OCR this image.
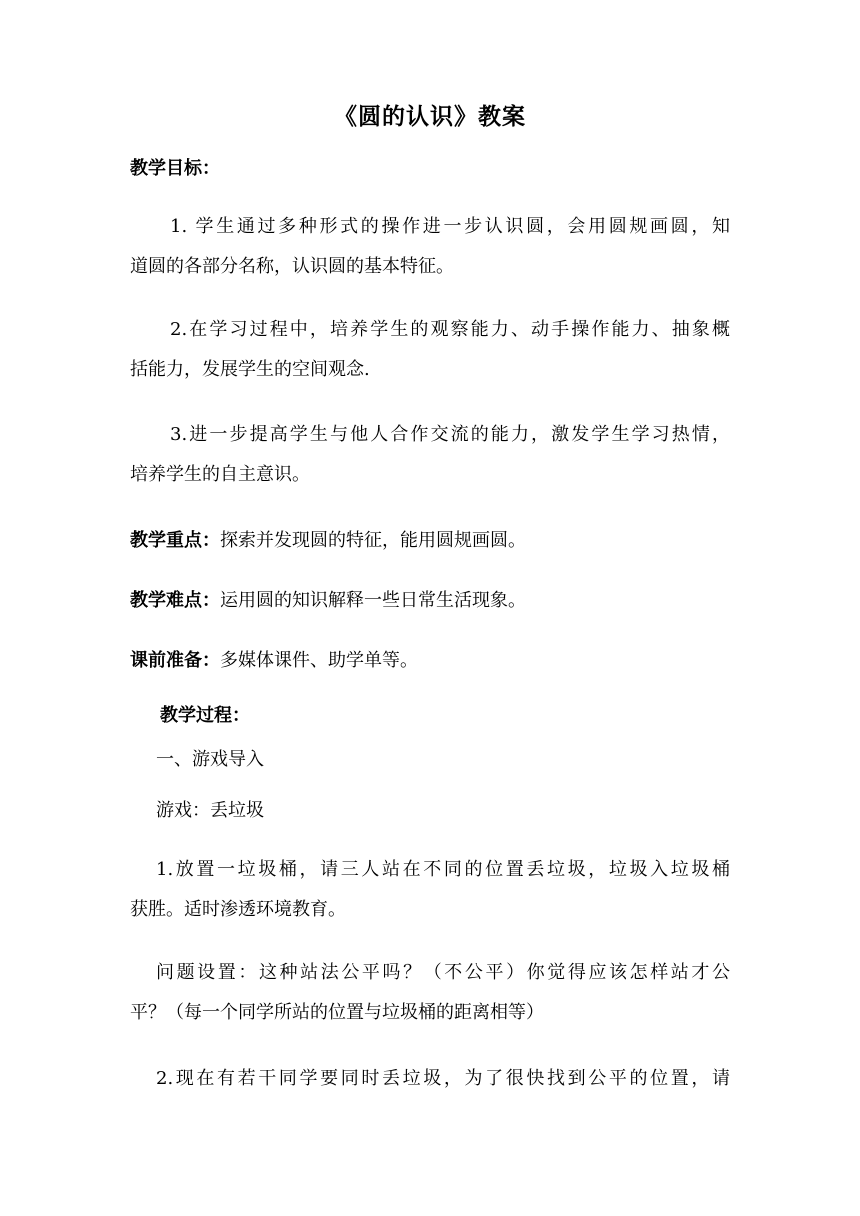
《圆的认识》教案
教学目标：
1. 学生通过多种形式的操作进一步认识圆，会用圆规画圆，知
道圆的各部分名称，认识圆的基本特征。
2.在学习过程中，培养学生的观察能力、动手操作能力、抽象概
括能力，发展学生的空间观念.
3.进一步提高学生与他人合作交流的能力，激发学生学习热情，
培养学生的自主意识。
教学重点：探索并发现圆的特征，能用圆规画圆。
教学难点：运用圆的知识解释一些日常生活现象。
课前准备：多媒体课件、助学单等。
教学过程：
一、游戏导入
游戏：丢垃圾
1.放置一垃圾桶，请三人站在不同的位置丢垃圾，垃圾入垃圾桶
获胜。适时渗透环境教育。
问题设置：这种站法公平吗？（不公平）你觉得应该怎样站才公
平？（每一个同学所站的位置与垃圾桶的距离相等）
2.现在有若干同学要同时丢垃圾，为了很快找到公平的位置，请
